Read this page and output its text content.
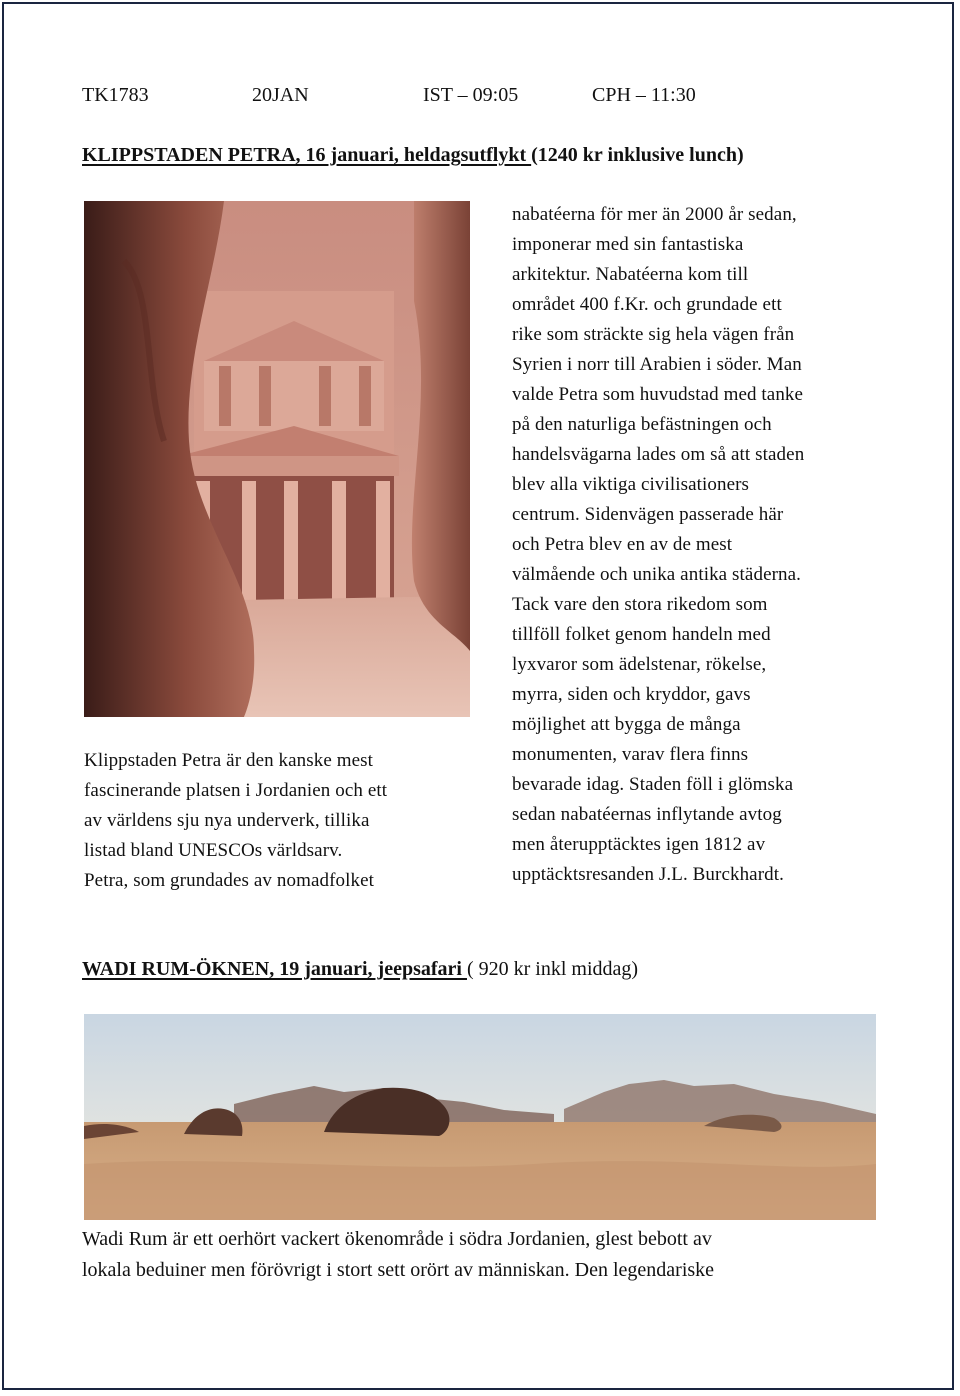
TK1783	20JAN	IST – 09:05	CPH – 11:30
KLIPPSTADEN PETRA, 16 januari, heldagsutflykt (1240 kr inklusive lunch)
Klippstaden Petra är den kanske mest
fascinerande platsen i Jordanien och ett
av världens sju nya underverk, tillika
listad bland UNESCOs världsarv.
Petra, som grundades av nomadfolket
nabatéerna för mer än 2000 år sedan,
imponerar med sin fantastiska
arkitektur. Nabatéerna kom till
området 400 f.Kr. och grundade ett
rike som sträckte sig hela vägen från
Syrien i norr till Arabien i söder. Man
valde Petra som huvudstad med tanke
på den naturliga befästningen och
handelsvägarna lades om så att staden
blev alla viktiga civilisationers
centrum. Sidenvägen passerade här
och Petra blev en av de mest
välmående och unika antika städerna.
Tack vare den stora rikedom som
tillföll folket genom handeln med
lyxvaror som ädelstenar, rökelse,
myrra, siden och kryddor, gavs
möjlighet att bygga de många
monumenten, varav flera finns
bevarade idag. Staden föll i glömska
sedan nabatéernas inflytande avtog
men återupptäcktes igen 1812 av
upptäcktsresanden J.L. Burckhardt.
WADI RUM-ÖKNEN, 19 januari, jeepsafari ( 920 kr inkl middag)
Wadi Rum är ett oerhört vackert ökenområde i södra Jordanien, glest bebott av
lokala beduiner men förövrigt i stort sett orört av människan. Den legendariske
